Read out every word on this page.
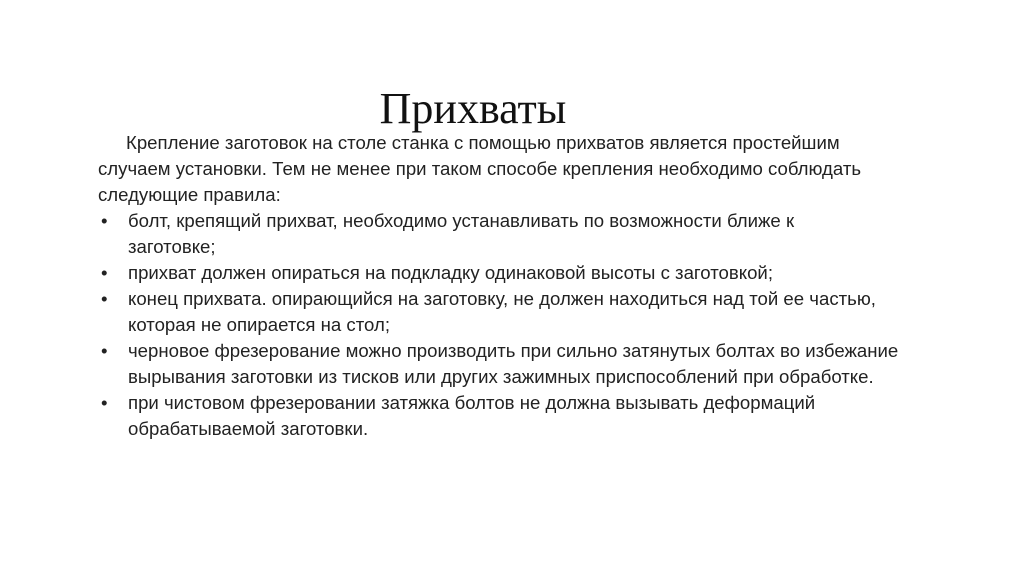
Прихваты

Крепление заготовок на столе станка с помощью прихватов является простейшим случаем установки. Тем не менее при таком способе крепления необходимо соблюдать следующие правила:

• болт, крепящий прихват, необходимо устанавливать по возможности ближе к заготовке;
• прихват должен опираться на подкладку одинаковой высоты с заготовкой;
• конец прихвата. опирающийся на заготовку, не должен находиться над той ее частью, которая не опирается на стол;
• черновое фрезерование можно производить при сильно затянутых болтах во избежание вырывания заготовки из тисков или других зажимных приспособлений при обработке.
• при чистовом фрезеровании затяжка болтов не должна вызывать деформаций обрабатываемой заготовки.
